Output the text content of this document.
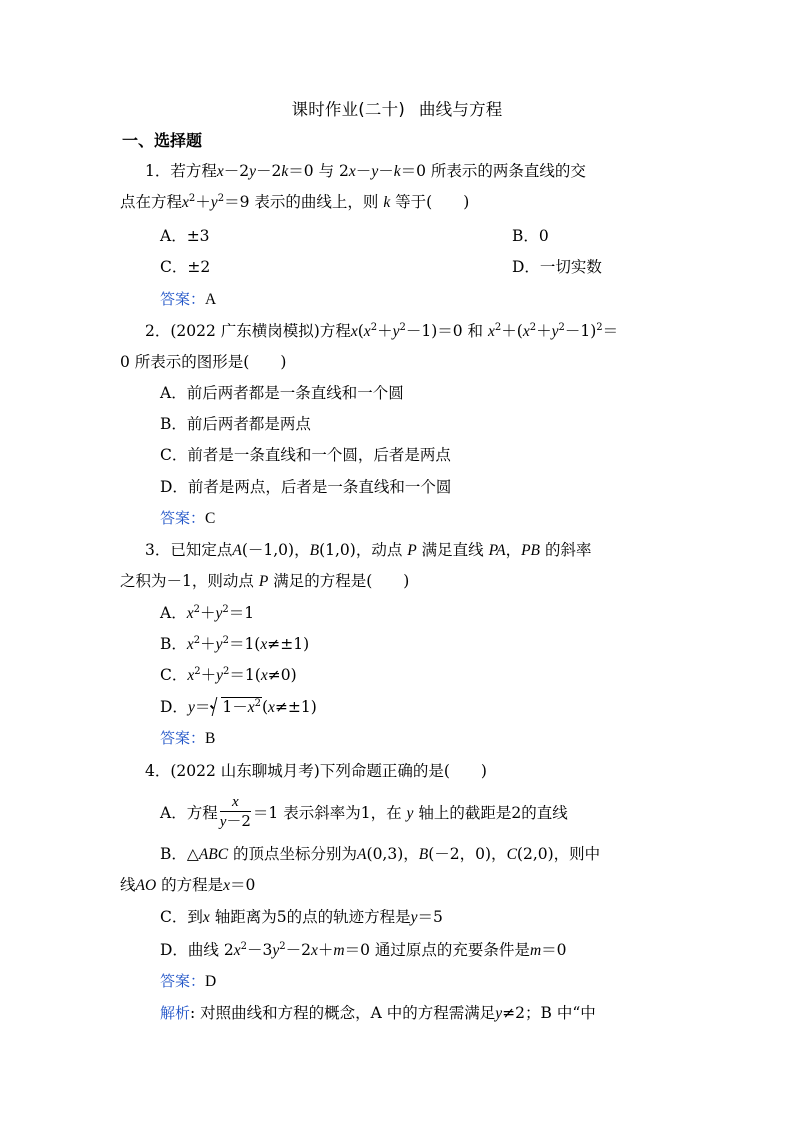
课时作业(二十) 曲线与方程
一、选择题
1．若方程x－2y－2k＝0 与 2x－y－k＝0 所表示的两条直线的交
点在方程$x^2+y^2=9$ 表示的曲线上，则 k 等于(　　)
A．±3	B．0
C．±2	D．一切实数
答案：A
2．(2022 广东横岗模拟)方程$x(x^2+y^2-1)=0$ 和 $x^2+(x^2+y^2-1)^2=$
0 所表示的图形是(　　)
A．前后两者都是一条直线和一个圆
B．前后两者都是两点
C．前者是一条直线和一个圆，后者是两点
D．前者是两点，后者是一条直线和一个圆
答案：C
3．已知定点A(－1,0)，B(1,0)，动点 P 满足直线 PA，PB 的斜率
之积为－1，则动点 P 满足的方程是(　　)
A．$x^2+y^2=1$
B．$x^2+y^2=1(x\ne\pm 1)$
C．$x^2+y^2=1(x\ne 0)$
D．$y= 1-x^2(x\ne\pm 1)$
答案：B
4．(2022 山东聊城月考)下列命题正确的是(　　)
A．方程 $\frac{x}{y-2} =1$ 表示斜率为1，在 y 轴上的截距是2的直线
B．△ABC 的顶点坐标分别为A(0,3)，B(－2，0)，C(2,0)，则中
线AO 的方程是x＝0
C．到x 轴距离为5的点的轨迹方程是y＝5
D．曲线 $2x^2-3y^2-2x+m=0$ 通过原点的充要条件是m＝0
答案：D
解析: 对照曲线和方程的概念，A 中的方程需满足y≠2；B 中“中
